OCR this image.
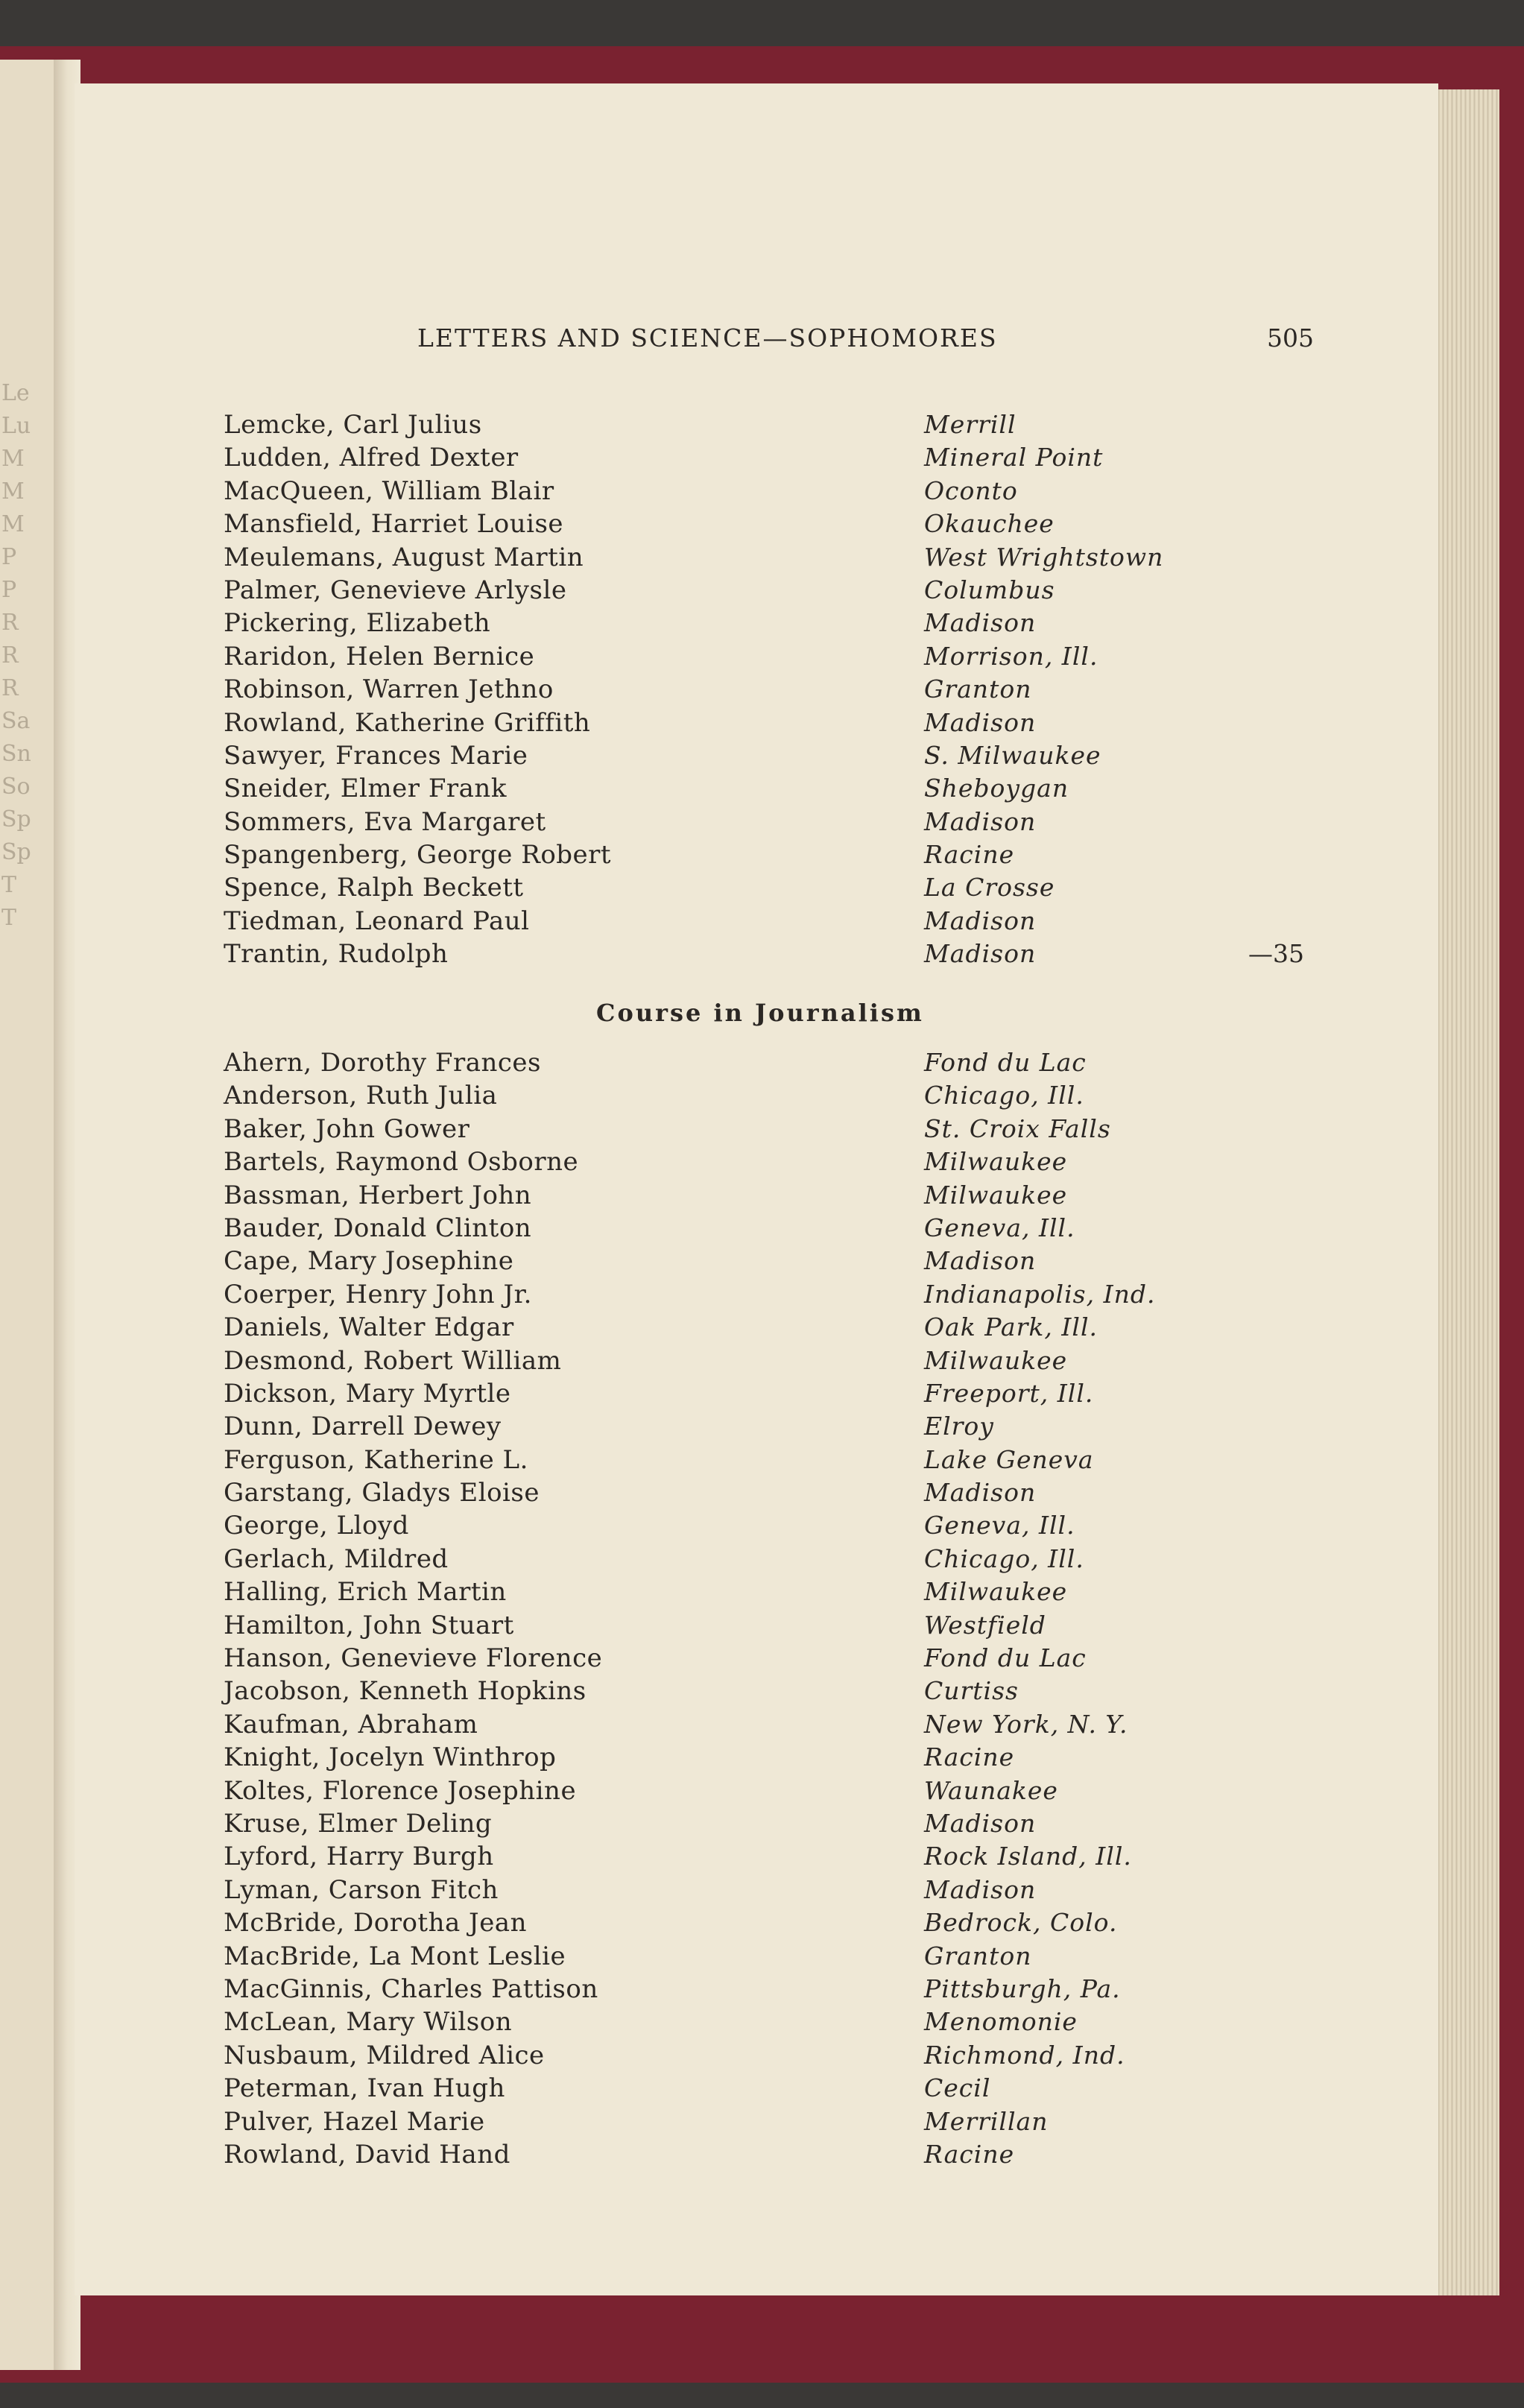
Le
Lu
M
M
M
P
P
R
R
R
Sa
Sn
So
Sp
Sp
T
T
LETTERS AND SCIENCE—SOPHOMORES	505
Lemcke, Carl Julius	Merrill
Ludden, Alfred Dexter	Mineral Point
MacQueen, William Blair	Oconto
Mansfield, Harriet Louise	Okauchee
Meulemans, August Martin	West Wrightstown
Palmer, Genevieve Arlysle	Columbus
Pickering, Elizabeth	Madison
Raridon, Helen Bernice	Morrison, Ill.
Robinson, Warren Jethno	Granton
Rowland, Katherine Griffith	Madison
Sawyer, Frances Marie	S. Milwaukee
Sneider, Elmer Frank	Sheboygan
Sommers, Eva Margaret	Madison
Spangenberg, George Robert	Racine
Spence, Ralph Beckett	La Crosse
Tiedman, Leonard Paul	Madison
Trantin, Rudolph	Madison	—35
Course in Journalism
Ahern, Dorothy Frances	Fond du Lac
Anderson, Ruth Julia	Chicago, Ill.
Baker, John Gower	St. Croix Falls
Bartels, Raymond Osborne	Milwaukee
Bassman, Herbert John	Milwaukee
Bauder, Donald Clinton	Geneva, Ill.
Cape, Mary Josephine	Madison
Coerper, Henry John Jr.	Indianapolis, Ind.
Daniels, Walter Edgar	Oak Park, Ill.
Desmond, Robert William	Milwaukee
Dickson, Mary Myrtle	Freeport, Ill.
Dunn, Darrell Dewey	Elroy
Ferguson, Katherine L.	Lake Geneva
Garstang, Gladys Eloise	Madison
George, Lloyd	Geneva, Ill.
Gerlach, Mildred	Chicago, Ill.
Halling, Erich Martin	Milwaukee
Hamilton, John Stuart	Westfield
Hanson, Genevieve Florence	Fond du Lac
Jacobson, Kenneth Hopkins	Curtiss
Kaufman, Abraham	New York, N. Y.
Knight, Jocelyn Winthrop	Racine
Koltes, Florence Josephine	Waunakee
Kruse, Elmer Deling	Madison
Lyford, Harry Burgh	Rock Island, Ill.
Lyman, Carson Fitch	Madison
McBride, Dorotha Jean	Bedrock, Colo.
MacBride, La Mont Leslie	Granton
MacGinnis, Charles Pattison	Pittsburgh, Pa.
McLean, Mary Wilson	Menomonie
Nusbaum, Mildred Alice	Richmond, Ind.
Peterman, Ivan Hugh	Cecil
Pulver, Hazel Marie	Merrillan
Rowland, David Hand	Racine
